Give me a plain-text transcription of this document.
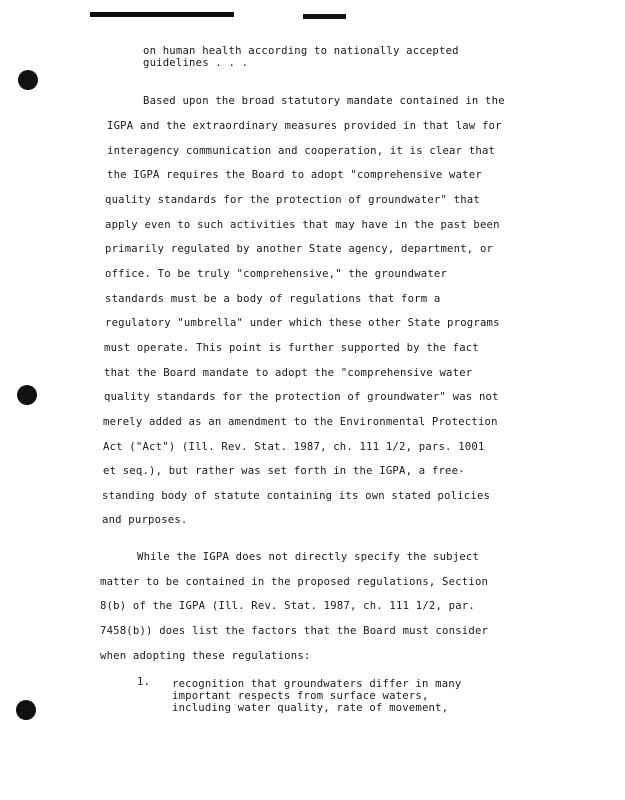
on human health according to nationally accepted
guidelines . . .
Based upon the broad statutory mandate contained in the
IGPA and the extraordinary measures provided in that law for
interagency communication and cooperation, it is clear that
the IGPA requires the Board to adopt "comprehensive water
quality standards for the protection of groundwater" that
apply even to such activities that may have in the past been
primarily regulated by another State agency, department, or
office. To be truly "comprehensive," the groundwater
standards must be a body of regulations that form a
regulatory "umbrella" under which these other State programs
must operate. This point is further supported by the fact
that the Board mandate to adopt the "comprehensive water
quality standards for the protection of groundwater" was not
merely added as an amendment to the Environmental Protection
Act ("Act") (Ill. Rev. Stat. 1987, ch. 111 1/2, pars. 1001
et seq.), but rather was set forth in the IGPA, a free-
standing body of statute containing its own stated policies
and purposes.
While the IGPA does not directly specify the subject
matter to be contained in the proposed regulations, Section
8(b) of the IGPA (Ill. Rev. Stat. 1987, ch. 111 1/2, par.
7458(b)) does list the factors that the Board must consider
when adopting these regulations:
1. recognition that groundwaters differ in many
important respects from surface waters,
including water quality, rate of movement,
